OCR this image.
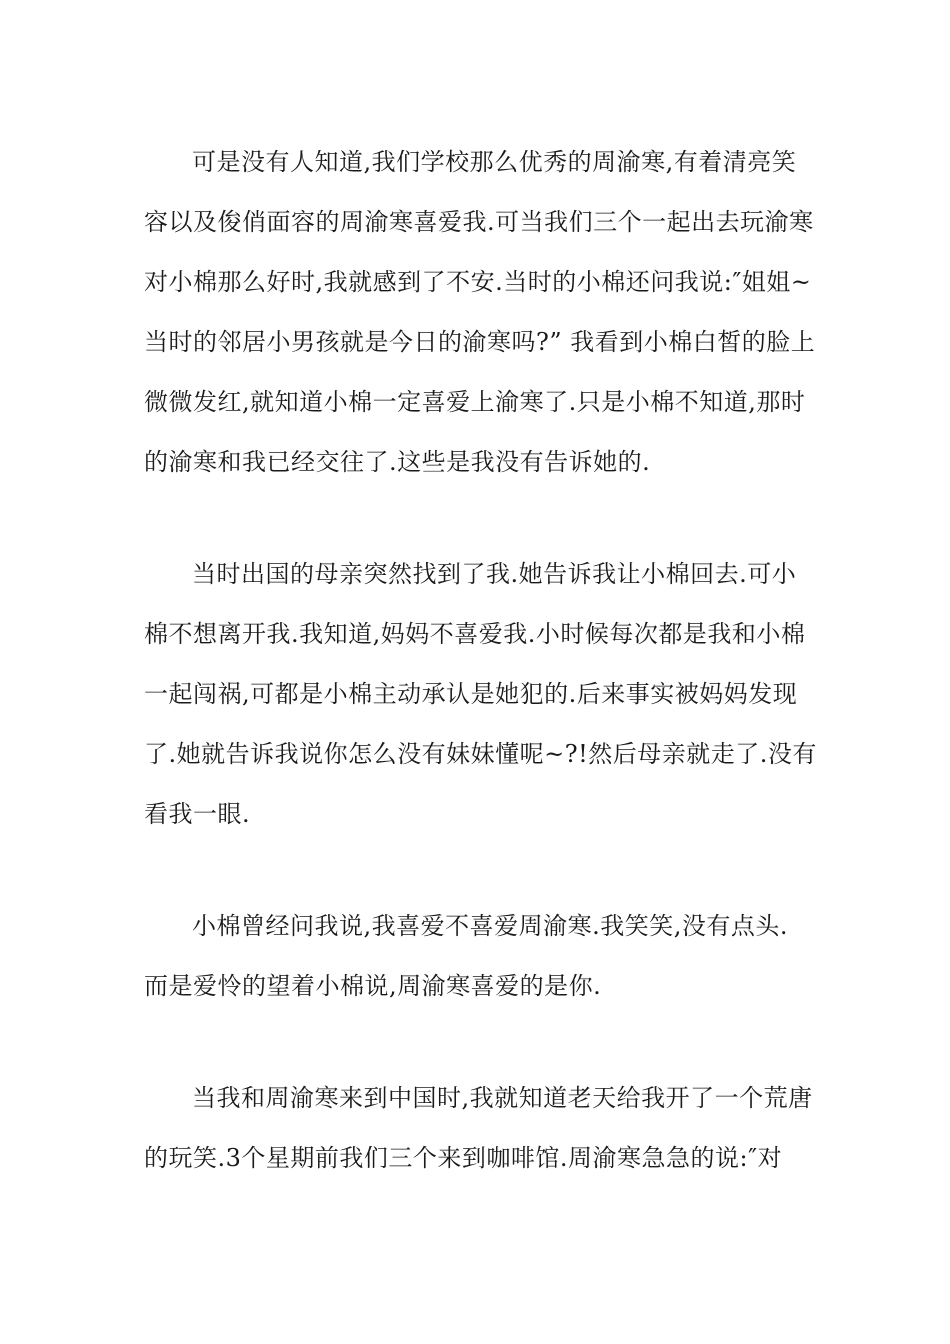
可是没有人知道,我们学校那么优秀的周渝寒,有着清亮笑
容以及俊俏面容的周渝寒喜爱我.可当我们三个一起出去玩渝寒
对小棉那么好时,我就感到了不安.当时的小棉还问我说:″姐姐~
当时的邻居小男孩就是今日的渝寒吗?” 我看到小棉白皙的脸上
微微发红,就知道小棉一定喜爱上渝寒了.只是小棉不知道,那时
的渝寒和我已经交往了.这些是我没有告诉她的.
当时出国的母亲突然找到了我.她告诉我让小棉回去.可小
棉不想离开我.我知道,妈妈不喜爱我.小时候每次都是我和小棉
一起闯祸,可都是小棉主动承认是她犯的.后来事实被妈妈发现
了.她就告诉我说你怎么没有妹妹懂呢~?!然后母亲就走了.没有
看我一眼.
小棉曾经问我说,我喜爱不喜爱周渝寒.我笑笑,没有点头.
而是爱怜的望着小棉说,周渝寒喜爱的是你.
当我和周渝寒来到中国时,我就知道老天给我开了一个荒唐
的玩笑.3个星期前我们三个来到咖啡馆.周渝寒急急的说:″对
